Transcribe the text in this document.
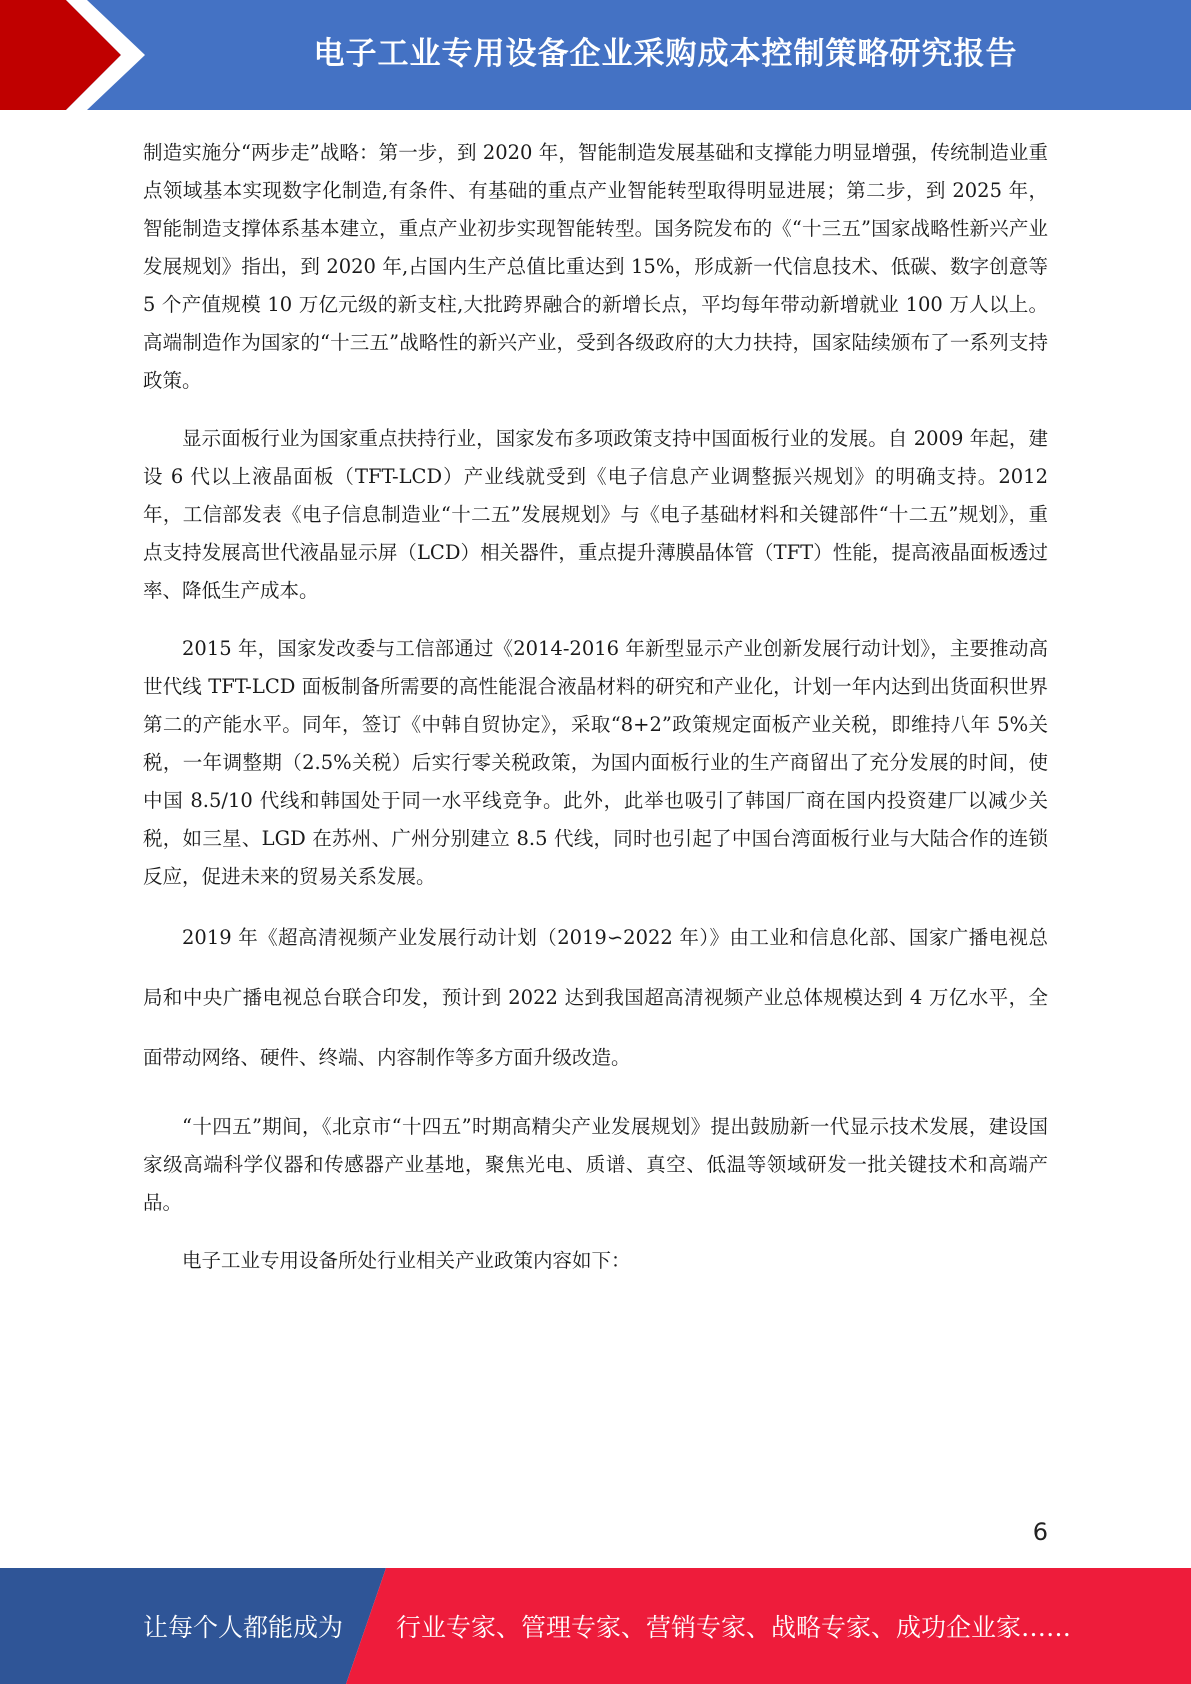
电子工业专用设备企业采购成本控制策略研究报告

制造实施分“两步走”战略：第一步，到 2020 年，智能制造发展基础和支撑能力明显增强，传统制造业重点领域基本实现数字化制造,有条件、有基础的重点产业智能转型取得明显进展；第二步，到 2025 年，智能制造支撑体系基本建立，重点产业初步实现智能转型。国务院发布的《“十三五”国家战略性新兴产业发展规划》指出，到 2020 年,占国内生产总值比重达到 15%，形成新一代信息技术、低碳、数字创意等 5 个产值规模 10 万亿元级的新支柱,大批跨界融合的新增长点，平均每年带动新增就业 100 万人以上。高端制造作为国家的“十三五”战略性的新兴产业，受到各级政府的大力扶持，国家陆续颁布了一系列支持政策。

显示面板行业为国家重点扶持行业，国家发布多项政策支持中国面板行业的发展。自 2009 年起，建设 6 代以上液晶面板（TFT-LCD）产业线就受到《电子信息产业调整振兴规划》的明确支持。2012 年，工信部发表《电子信息制造业“十二五”发展规划》与《电子基础材料和关键部件“十二五”规划》，重点支持发展高世代液晶显示屏（LCD）相关器件，重点提升薄膜晶体管（TFT）性能，提高液晶面板透过率、降低生产成本。

2015 年，国家发改委与工信部通过《2014-2016 年新型显示产业创新发展行动计划》，主要推动高世代线 TFT-LCD 面板制备所需要的高性能混合液晶材料的研究和产业化，计划一年内达到出货面积世界第二的产能水平。同年，签订《中韩自贸协定》，采取“8+2”政策规定面板产业关税，即维持八年 5%关税，一年调整期（2.5%关税）后实行零关税政策，为国内面板行业的生产商留出了充分发展的时间，使中国 8.5/10 代线和韩国处于同一水平线竞争。此外，此举也吸引了韩国厂商在国内投资建厂以减少关税，如三星、LGD 在苏州、广州分别建立 8.5 代线，同时也引起了中国台湾面板行业与大陆合作的连锁反应，促进未来的贸易关系发展。

2019 年《超高清视频产业发展行动计划（2019∽2022 年）》由工业和信息化部、国家广播电视总局和中央广播电视总台联合印发，预计到 2022 达到我国超高清视频产业总体规模达到 4 万亿水平，全面带动网络、硬件、终端、内容制作等多方面升级改造。

“十四五”期间，《北京市“十四五”时期高精尖产业发展规划》提出鼓励新一代显示技术发展，建设国家级高端科学仪器和传感器产业基地，聚焦光电、质谱、真空、低温等领域研发一批关键技术和高端产品。

电子工业专用设备所处行业相关产业政策内容如下：

6
让每个人都能成为 行业专家、管理专家、营销专家、战略专家、成功企业家……
